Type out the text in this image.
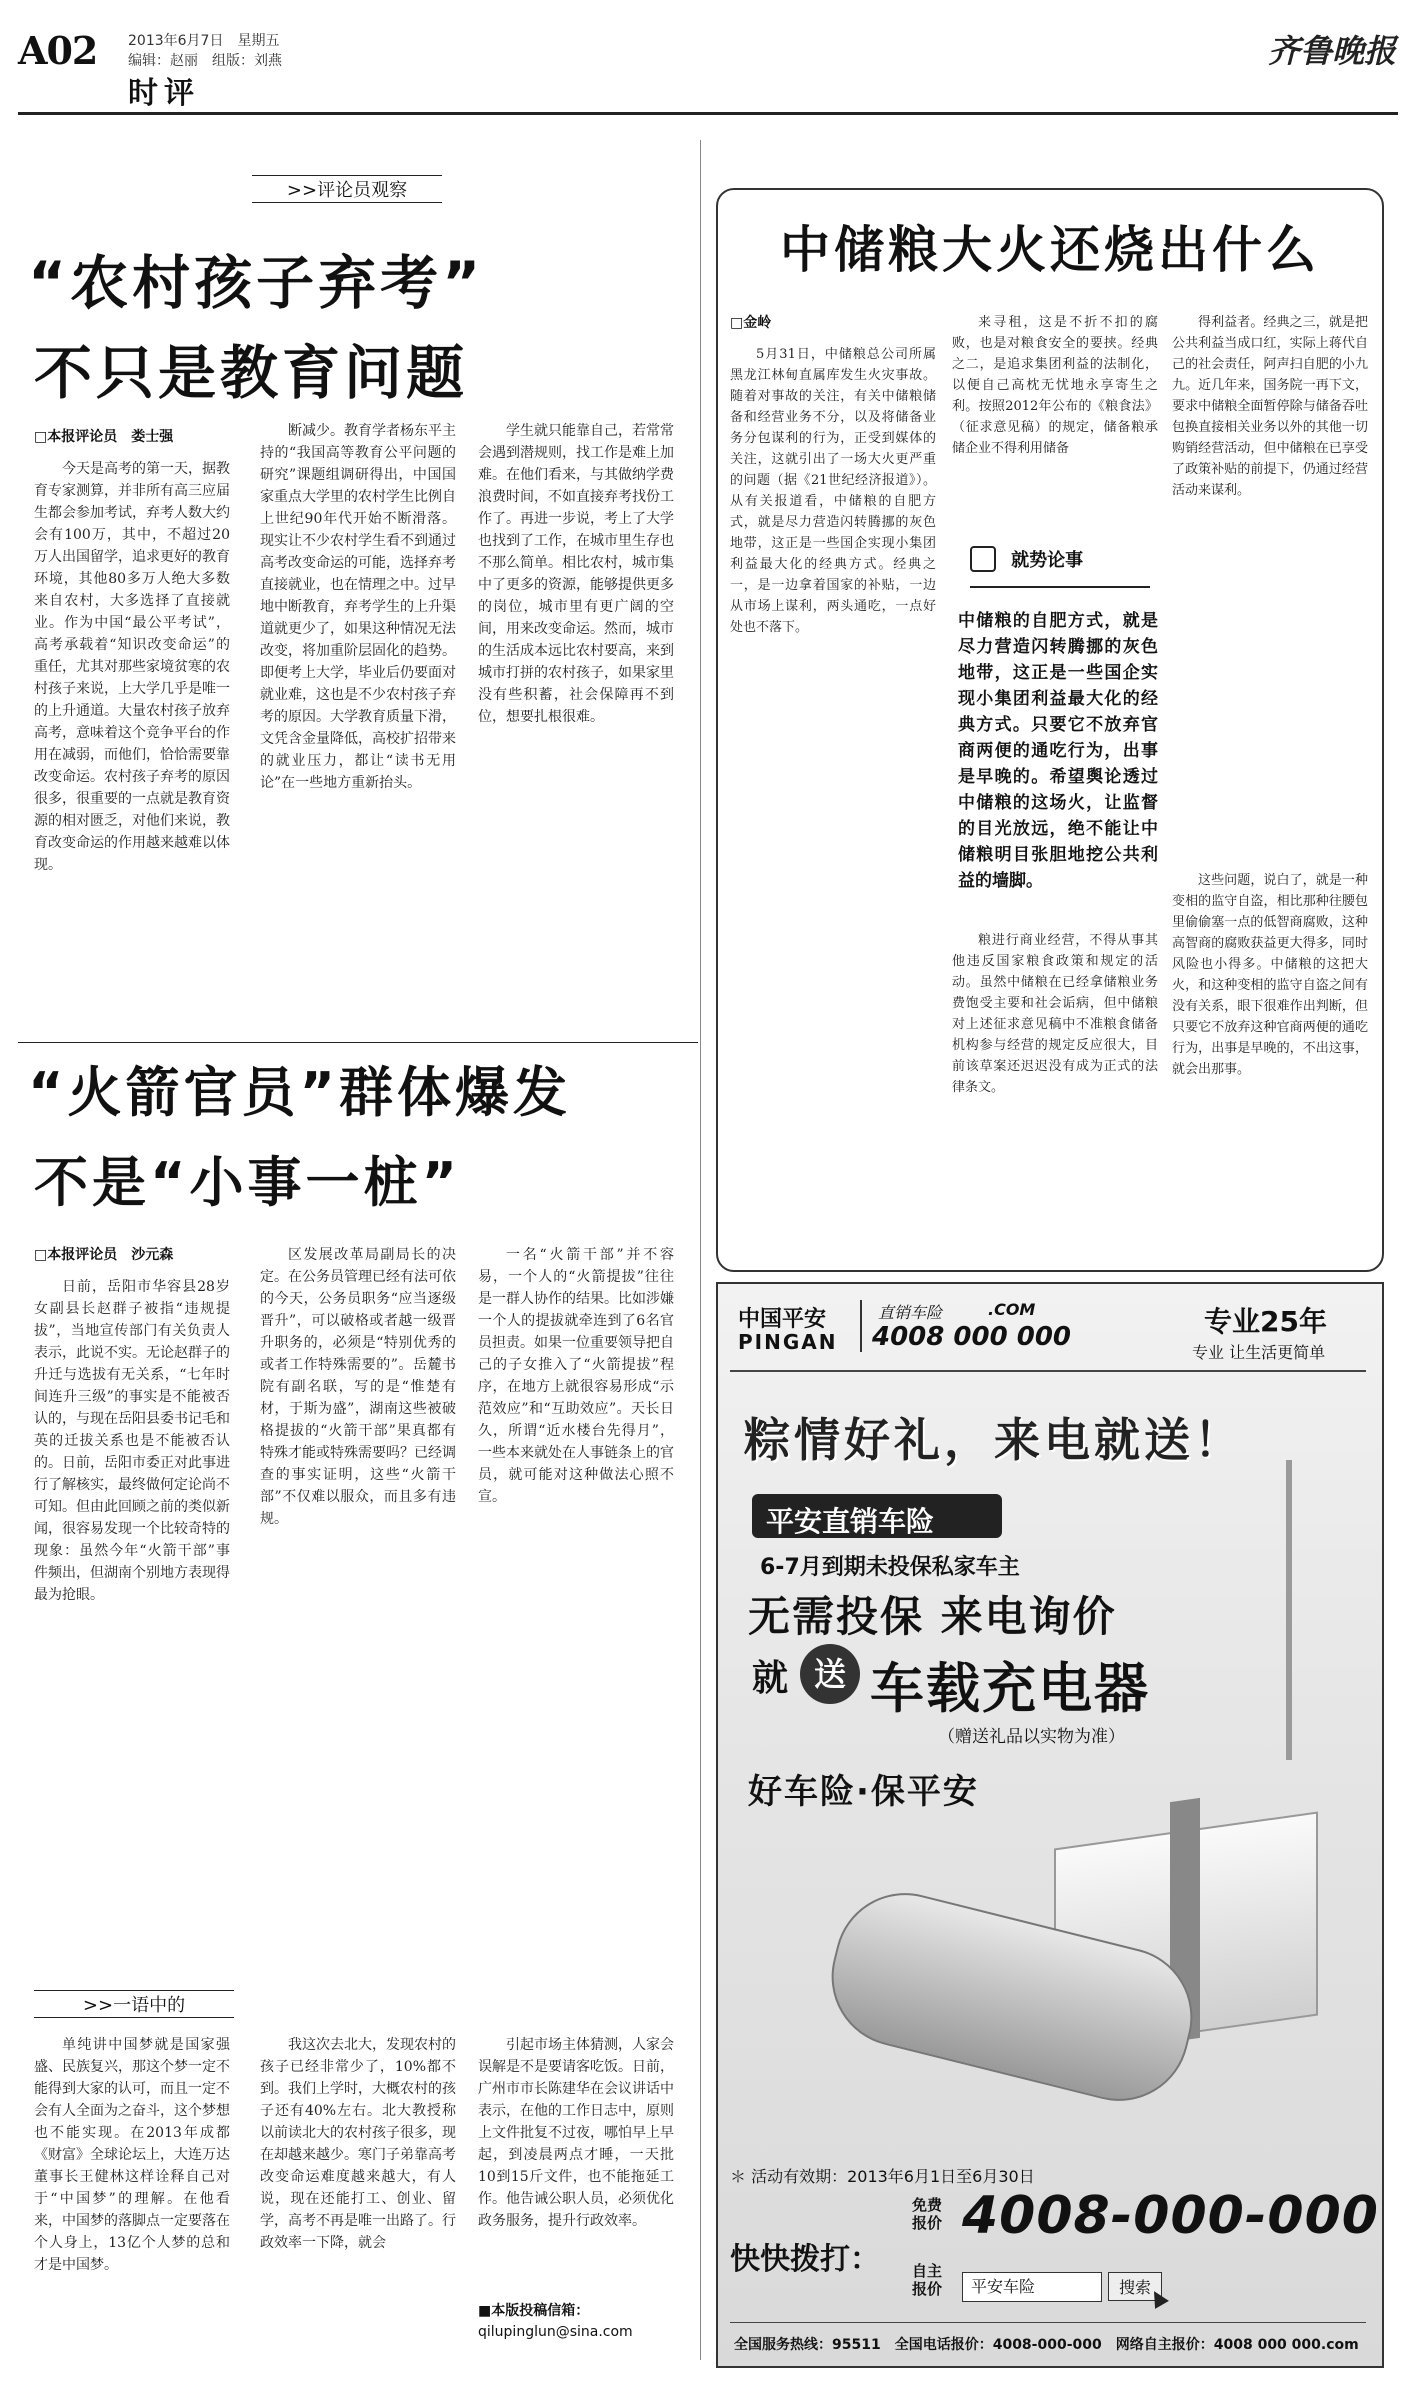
A02 2013年6月7日　星期五
编辑：赵丽　组版：刘燕
时评
齐鲁晚报
>>评论员观察
“农村孩子弃考”
不只是教育问题
□本报评论员　娄士强

今天是高考的第一天，据教育专家测算，并非所有高三应届生都会参加考试，弃考人数大约会有100万，其中，不超过20万人出国留学，追求更好的教育环境，其他80多万人绝大多数来自农村，大多选择了直接就业。作为中国“最公平考试”，高考承载着“知识改变命运”的重任，尤其对那些家境贫寒的农村孩子来说，上大学几乎是唯一的上升通道。大量农村孩子放弃高考，意味着这个竞争平台的作用在减弱，而他们，恰恰需要靠改变命运。农村孩子弃考的原因很多，很重要的一点就是教育资源的相对匮乏，对他们来说，教育改变命运的作用越来越难以体现。

断减少。教育学者杨东平主持的“我国高等教育公平问题的研究”课题组调研得出，中国国家重点大学里的农村学生比例自上世纪90年代开始不断滑落。现实让不少农村学生看不到通过高考改变命运的可能，选择弃考直接就业，也在情理之中。过早地中断教育，弃考学生的上升渠道就更少了，如果这种情况无法改变，将加重阶层固化的趋势。即便考上大学，毕业后仍要面对就业难，这也是不少农村孩子弃考的原因。大学教育质量下滑，文凭含金量降低，高校扩招带来的就业压力，都让“读书无用论”在一些地方重新抬头。

学生就只能靠自己，若常常会遇到潜规则，找工作是难上加难。在他们看来，与其做纳学费浪费时间，不如直接弃考找份工作了。再进一步说，考上了大学也找到了工作，在城市里生存也不那么简单。相比农村，城市集中了更多的资源，能够提供更多的岗位，城市里有更广阔的空间，用来改变命运。然而，城市的生活成本远比农村要高，来到城市打拼的农村孩子，如果家里没有些积蓄，社会保障再不到位，想要扎根很难。

“火箭官员”群体爆发
不是“小事一桩”
□本报评论员　沙元森

日前，岳阳市华容县28岁女副县长赵群子被指“违规提拔”，当地宣传部门有关负责人表示，此说不实。无论赵群子的升迁与选拔有无关系，“七年时间连升三级”的事实是不能被否认的，与现在岳阳县委书记毛和英的迁拔关系也是不能被否认的。日前，岳阳市委正对此事进行了解核实，最终做何定论尚不可知。但由此回顾之前的类似新闻，很容易发现一个比较奇特的现象：虽然今年“火箭干部”事件频出，但湖南个别地方表现得最为抢眼。

区发展改革局副局长的决定。在公务员管理已经有法可依的今天，公务员职务“应当逐级晋升”，可以破格或者越一级晋升职务的，必须是“特别优秀的或者工作特殊需要的”。岳麓书院有副名联，写的是“惟楚有材，于斯为盛”，湖南这些被破格提拔的“火箭干部”果真都有特殊才能或特殊需要吗？已经调查的事实证明，这些“火箭干部”不仅难以服众，而且多有违规。

一名“火箭干部”并不容易，一个人的“火箭提拔”往往是一群人协作的结果。比如涉嫌一个人的提拔就牵连到了6名官员担责。如果一位重要领导把自己的子女推入了“火箭提拔”程序，在地方上就很容易形成“示范效应”和“互助效应”。天长日久，所谓“近水楼台先得月”，一些本来就处在人事链条上的官员，就可能对这种做法心照不宣。

>>一语中的

单纯讲中国梦就是国家强盛、民族复兴，那这个梦一定不能得到大家的认可，而且一定不会有人全面为之奋斗，这个梦想也不能实现。在2013年成都《财富》全球论坛上，大连万达董事长王健林这样诠释自己对于“中国梦”的理解。在他看来，中国梦的落脚点一定要落在个人身上，13亿个人梦的总和才是中国梦。

我这次去北大，发现农村的孩子已经非常少了，10%都不到。我们上学时，大概农村的孩子还有40%左右。北大教授称以前读北大的农村孩子很多，现在却越来越少。寒门子弟靠高考改变命运难度越来越大，有人说，现在还能打工、创业、留学，高考不再是唯一出路了。行政效率一下降，就会

引起市场主体猜测，人家会误解是不是要请客吃饭。日前，广州市市长陈建华在会议讲话中表示，在他的工作日志中，原则上文件批复不过夜，哪怕早上早起，到凌晨两点才睡，一天批10到15斤文件，也不能拖延工作。他告诫公职人员，必须优化政务服务，提升行政效率。

■本版投稿信箱：
qilupinglun@sina.com
中储粮大火还烧出什么
□金岭

5月31日，中储粮总公司所属黑龙江林甸直属库发生火灾事故。随着对事故的关注，有关中储粮储备和经营业务不分，以及将储备业务分包谋利的行为，正受到媒体的关注，这就引出了一场大火更严重的问题（据《21世纪经济报道》）。从有关报道看，中储粮的自肥方式，就是尽力营造闪转腾挪的灰色地带，这正是一些国企实现小集团利益最大化的经典方式。经典之一，是一边拿着国家的补贴，一边从市场上谋利，两头通吃，一点好处也不落下。

来寻租，这是不折不扣的腐败，也是对粮食安全的要挟。经典之二，是追求集团利益的法制化，以便自己高枕无忧地永享寄生之利。按照2012年公布的《粮食法》（征求意见稿）的规定，储备粮承储企业不得利用储备

得利益者。经典之三，就是把公共利益当成口红，实际上蒋代自己的社会责任，阿声扫自肥的小九九。近几年来，国务院一再下文，要求中储粮全面暂停除与储备吞吐包换直接相关业务以外的其他一切购销经营活动，但中储粮在已享受了政策补贴的前提下，仍通过经营活动来谋利。

就势论事
中储粮的自肥方式，就是尽力营造闪转腾挪的灰色地带，这正是一些国企实现小集团利益最大化的经典方式。只要它不放弃官商两便的通吃行为，出事是早晚的。希望舆论透过中储粮的这场火，让监督的目光放远，绝不能让中储粮明目张胆地挖公共利益的墙脚。

粮进行商业经营，不得从事其他违反国家粮食政策和规定的活动。虽然中储粮在已经拿储粮业务费饱受主要和社会诟病，但中储粮对上述征求意见稿中不准粮食储备机构参与经营的规定反应很大，目前该草案还迟迟没有成为正式的法律条文。

这些问题，说白了，就是一种变相的监守自盗，相比那种往腰包里偷偷塞一点的低智商腐败，这种高智商的腐败获益更大得多，同时风险也小得多。中储粮的这把大火，和这种变相的监守自盗之间有没有关系，眼下很难作出判断，但只要它不放弃这种官商两便的通吃行为，出事是早晚的，不出这事，就会出那事。

中国平安
PINGAN
直销车险	.COM
4008 000 000	专业25年
专业 让生活更简单
粽情好礼，来电就送！
平安直销车险
6-7月到期未投保私家车主
无需投保 来电询价
就 送 车载充电器
（赠送礼品以实物为准）
好车险·保平安
＊ 活动有效期：2013年6月1日至6月30日
快快拨打：
免费报价 4008-000-000
自主报价	平安车险	搜索
全国服务热线：95511　全国电话报价：4008-000-000　网络自主报价：4008 000 000.com
